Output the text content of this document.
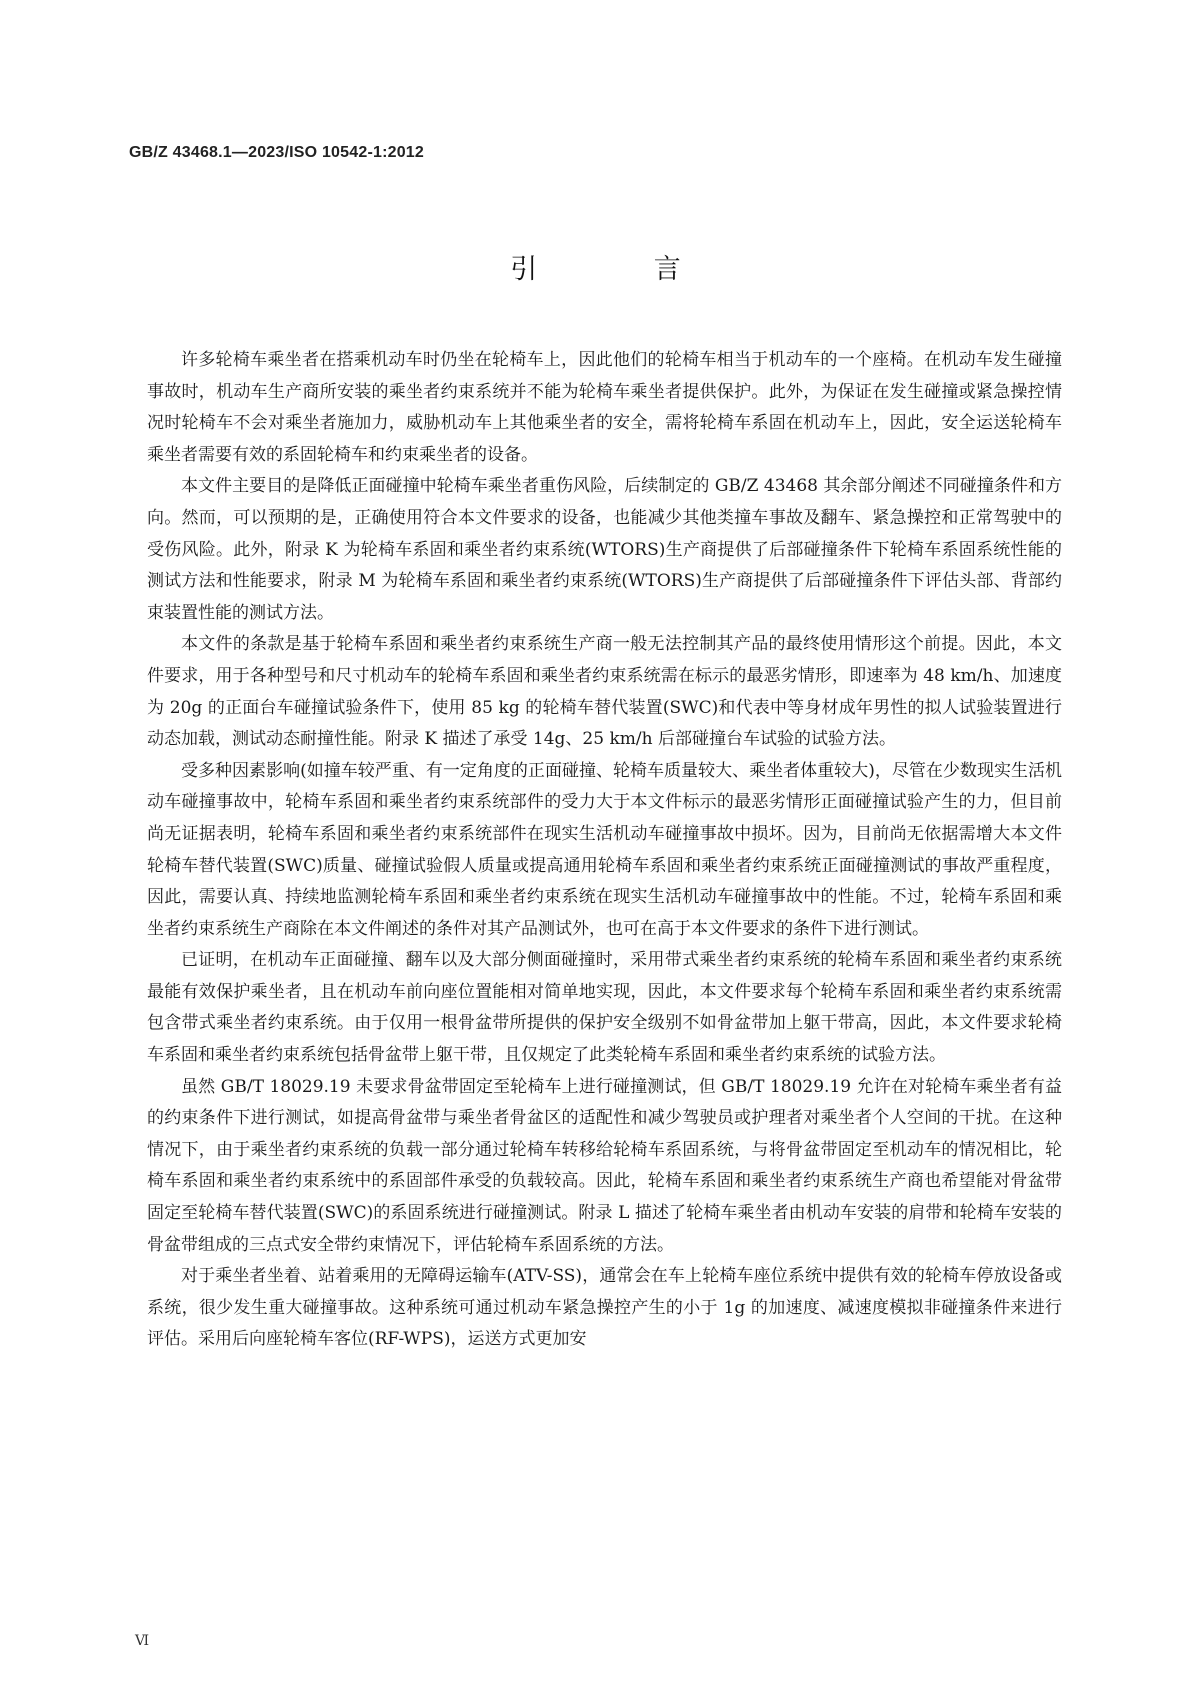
GB/Z 43468.1—2023/ISO 10542-1:2012
引 言

许多轮椅车乘坐者在搭乘机动车时仍坐在轮椅车上，因此他们的轮椅车相当于机动车的一个座椅。在机动车发生碰撞事故时，机动车生产商所安装的乘坐者约束系统并不能为轮椅车乘坐者提供保护。此外，为保证在发生碰撞或紧急操控情况时轮椅车不会对乘坐者施加力，威胁机动车上其他乘坐者的安全，需将轮椅车系固在机动车上，因此，安全运送轮椅车乘坐者需要有效的系固轮椅车和约束乘坐者的设备。

本文件主要目的是降低正面碰撞中轮椅车乘坐者重伤风险，后续制定的 GB/Z 43468 其余部分阐述不同碰撞条件和方向。然而，可以预期的是，正确使用符合本文件要求的设备，也能减少其他类撞车事故及翻车、紧急操控和正常驾驶中的受伤风险。此外，附录 K 为轮椅车系固和乘坐者约束系统(WTORS)生产商提供了后部碰撞条件下轮椅车系固系统性能的测试方法和性能要求，附录 M 为轮椅车系固和乘坐者约束系统(WTORS)生产商提供了后部碰撞条件下评估头部、背部约束装置性能的测试方法。

本文件的条款是基于轮椅车系固和乘坐者约束系统生产商一般无法控制其产品的最终使用情形这个前提。因此，本文件要求，用于各种型号和尺寸机动车的轮椅车系固和乘坐者约束系统需在标示的最恶劣情形，即速率为 48 km/h、加速度为 20g 的正面台车碰撞试验条件下，使用 85 kg 的轮椅车替代装置(SWC)和代表中等身材成年男性的拟人试验装置进行动态加载，测试动态耐撞性能。附录 K 描述了承受 14g、25 km/h 后部碰撞台车试验的试验方法。

受多种因素影响(如撞车较严重、有一定角度的正面碰撞、轮椅车质量较大、乘坐者体重较大)，尽管在少数现实生活机动车碰撞事故中，轮椅车系固和乘坐者约束系统部件的受力大于本文件标示的最恶劣情形正面碰撞试验产生的力，但目前尚无证据表明，轮椅车系固和乘坐者约束系统部件在现实生活机动车碰撞事故中损坏。因为，目前尚无依据需增大本文件轮椅车替代装置(SWC)质量、碰撞试验假人质量或提高通用轮椅车系固和乘坐者约束系统正面碰撞测试的事故严重程度，因此，需要认真、持续地监测轮椅车系固和乘坐者约束系统在现实生活机动车碰撞事故中的性能。不过，轮椅车系固和乘坐者约束系统生产商除在本文件阐述的条件对其产品测试外，也可在高于本文件要求的条件下进行测试。

已证明，在机动车正面碰撞、翻车以及大部分侧面碰撞时，采用带式乘坐者约束系统的轮椅车系固和乘坐者约束系统最能有效保护乘坐者，且在机动车前向座位置能相对简单地实现，因此，本文件要求每个轮椅车系固和乘坐者约束系统需包含带式乘坐者约束系统。由于仅用一根骨盆带所提供的保护安全级别不如骨盆带加上躯干带高，因此，本文件要求轮椅车系固和乘坐者约束系统包括骨盆带上躯干带，且仅规定了此类轮椅车系固和乘坐者约束系统的试验方法。

虽然 GB/T 18029.19 未要求骨盆带固定至轮椅车上进行碰撞测试，但 GB/T 18029.19 允许在对轮椅车乘坐者有益的约束条件下进行测试，如提高骨盆带与乘坐者骨盆区的适配性和减少驾驶员或护理者对乘坐者个人空间的干扰。在这种情况下，由于乘坐者约束系统的负载一部分通过轮椅车转移给轮椅车系固系统，与将骨盆带固定至机动车的情况相比，轮椅车系固和乘坐者约束系统中的系固部件承受的负载较高。因此，轮椅车系固和乘坐者约束系统生产商也希望能对骨盆带固定至轮椅车替代装置(SWC)的系固系统进行碰撞测试。附录 L 描述了轮椅车乘坐者由机动车安装的肩带和轮椅车安装的骨盆带组成的三点式安全带约束情况下，评估轮椅车系固系统的方法。

对于乘坐者坐着、站着乘用的无障碍运输车(ATV-SS)，通常会在车上轮椅车座位系统中提供有效的轮椅车停放设备或系统，很少发生重大碰撞事故。这种系统可通过机动车紧急操控产生的小于 1g 的加速度、减速度模拟非碰撞条件来进行评估。采用后向座轮椅车客位(RF-WPS)，运送方式更加安

Ⅵ
